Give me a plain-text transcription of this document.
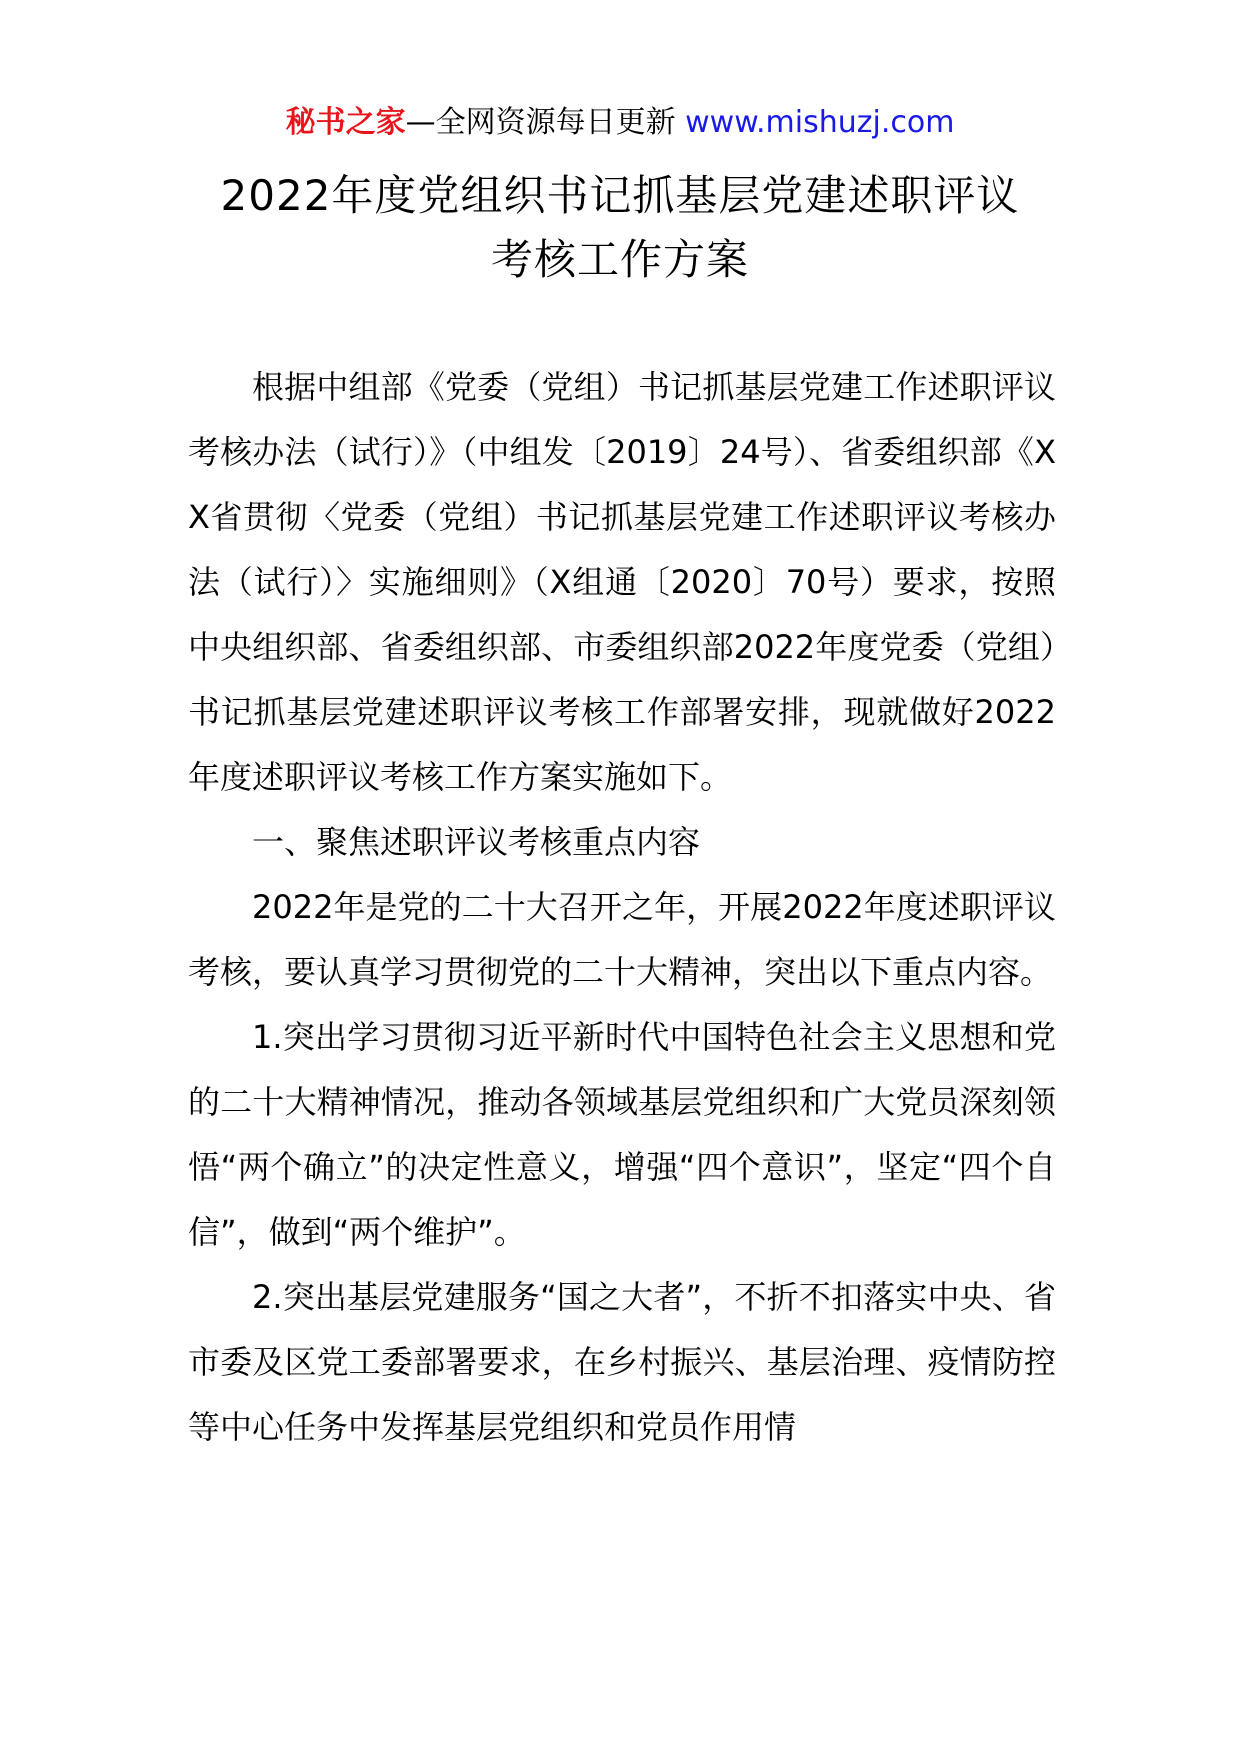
秘书之家—全网资源每日更新 www.mishuzj.com
2022年度党组织书记抓基层党建述职评议
考核工作方案

根据中组部《党委（党组）书记抓基层党建工作述职评议考核办法（试行）》（中组发〔2019〕24号）、省委组织部《XX省贯彻〈党委（党组）书记抓基层党建工作述职评议考核办法（试行）〉实施细则》（X组通〔2020〕70号）要求，按照中央组织部、省委组织部、市委组织部2022年度党委（党组）书记抓基层党建述职评议考核工作部署安排，现就做好2022年度述职评议考核工作方案实施如下。

一、聚焦述职评议考核重点内容

2022年是党的二十大召开之年，开展2022年度述职评议考核，要认真学习贯彻党的二十大精神，突出以下重点内容。

1.突出学习贯彻习近平新时代中国特色社会主义思想和党的二十大精神情况，推动各领域基层党组织和广大党员深刻领悟“两个确立”的决定性意义，增强“四个意识”，坚定“四个自信”，做到“两个维护”。

2.突出基层党建服务“国之大者”，不折不扣落实中央、省市委及区党工委部署要求，在乡村振兴、基层治理、疫情防控等中心任务中发挥基层党组织和党员作用情
